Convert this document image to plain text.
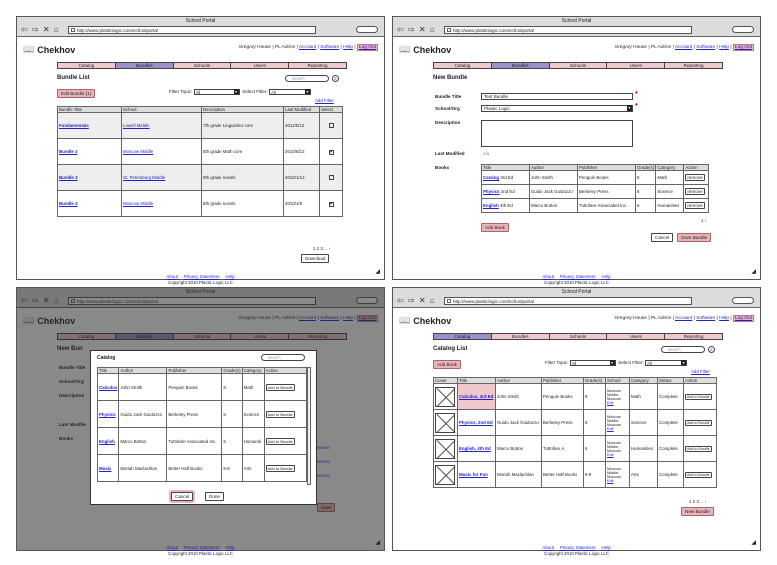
School Portal
⇦ ⇨ ✕ ⌂	http://www.plasticlogic.com/schoolportal
📖 Chekhov	Gregory House | PL Admin | Account | Software | Help | Log Out
Catalog	Bundles	Schools	Users	Reporting
Bundle List	search	⌕
Edit Bundle (1)	Filter Topic: All ▾	Select Filter: All ▾
Add Filter
Bundle Title	School	Description	Last Modified	Select
Fundamentals	Lowell Middle	7th grade Linguistics core	2011/5/12	
Bundle 2	Moscow Middle	8th grade Math core	2010/6/12	✔
Bundle 3	St. Petersburg Middle	9th grade novels	2010/1/12	
Bundle 4	Moscow Middle	8th grade novels	2010/1/9	✔
1 2 3 ... ›
Download
About Privacy Statement Help
Copyright 2010 Plastic Logic LLC
◢
School Portal
⇦ ⇨ ✕ ⌂	http://www.plasticlogic.com/schoolportal
📖 Chekhov	Gregory House | PL Admin | Account | Software | Help | Log Out
Catalog	Bundles	Schools	Users	Reporting
New Bundle
Bundle Title	Test Bundle	*
School/Org	Plastic Logic ▾	*
Description
Last Modified	n/a
Books	Title	Author	Publisher	Grade(s)	Category	Action
Catalog 3rd Ed	John Smith	Penguin Books	8	Math	remove
Physics 2nd Ed	Guido Jack Guidozzo	Berkeley Press	8	Science	remove
English 4th Ed	Marco Botton	Tuttofare Associated Inc.	6	Humanities	remove
1 ›
Add Book
Cancel	Save Bundle
About Privacy Statement Help
Copyright 2010 Plastic Logic LLC
◢
Copyright 2010 Plastic Logic LLC
Catalog	search
Title	Author	Publisher	Grade(s)	Category	Action
Calculus	John Smith	Penguin Books	8	Math	Add to Bundle
Physics	Guido Jack Guidozzo	Berkeley Press	8	Science	Add to Bundle
English	Marco Botton	Tuttofare Associated Inc.	6	Humaniti	Add to Bundle
Music	Moriah Maclachlan	Better Half Books	6-8	Arts	Add to Bundle
Cancel	Done
◢
School Portal
⇦ ⇨ ✕ ⌂	http://www.plasticlogic.com/schoolportal
📖 Chekhov	Gregory House | PL Admin | Account | Software | Help | Log Out
Catalog	Bundles	Schools	Users	Reporting
Catalog List	search	⌕
Add Book	Filter Topic: All ▾	Select Filter: All ▾
Add Filter
Cover	Title	Author	Publisher	Grade(s)	School	Category	Status	Action

	Calculus, 3rd Ed	John Smith	Penguin Books	8	Moscow Middle, Moscow Edit	Math	Complete	Add to Bundle

	Physics, 2nd Ed	Guido Jack Guidozzo	Berkeley Press	8	Moscow Middle, Moscow Edit	Science	Complete	Add to Bundle

	English, 4th Ed	Marco Botton	Tuttofare A.	6	Moscow Middle, Moscow Edit	Humanities	Complete	Add to Bundle

	Music for Fun	Moriah Maclachlan	Better Half Books	6-8	Moscow Middle, Moscow Edit	Arts	Complete	Add to Bundle
1 2 3 ... ›
New Bundle
About Privacy Statement Help
Copyright 2010 Plastic Logic LLC
◢
